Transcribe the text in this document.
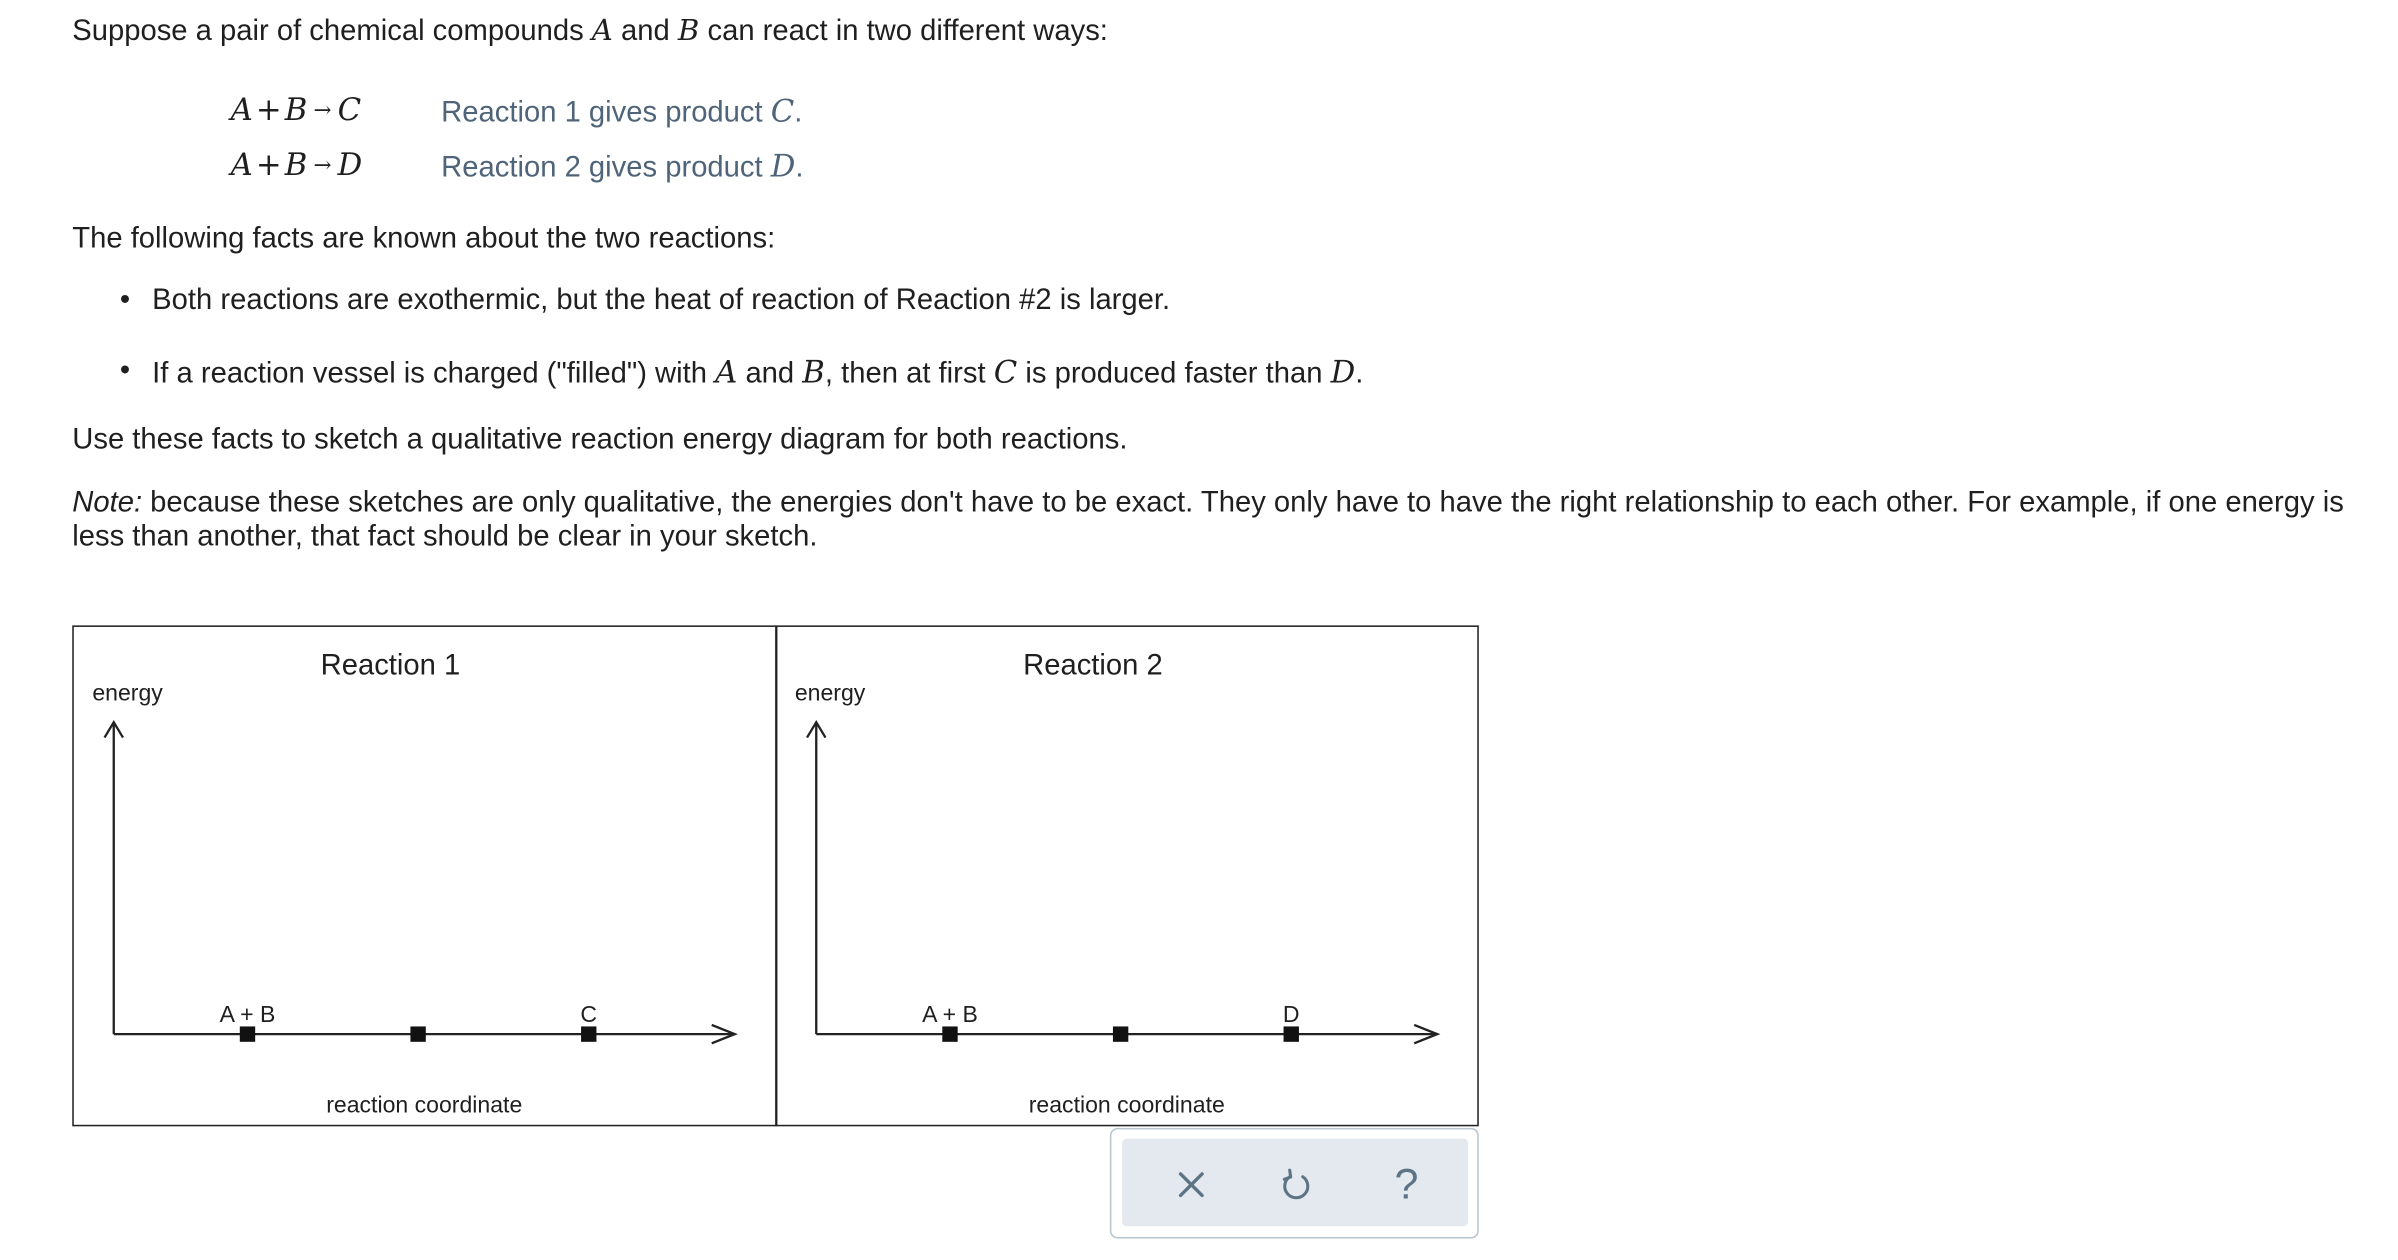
Suppose a pair of chemical compounds A and B can react in two different ways:
A + B → C	Reaction 1 gives product C.
A + B → D	Reaction 2 gives product D.
The following facts are known about the two reactions:
• Both reactions are exothermic, but the heat of reaction of Reaction #2 is larger.
• If a reaction vessel is charged ("filled") with A and B, then at first C is produced faster than D.
Use these facts to sketch a qualitative reaction energy diagram for both reactions.
Note: because these sketches are only qualitative, the energies don't have to be exact. They only have to have the right relationship to each other. For example, if one energy is less than another, that fact should be clear in your sketch.
Reaction 1
energy
reaction coordinate
A + B	C
Reaction 2
energy
reaction coordinate
A + B	D
?
